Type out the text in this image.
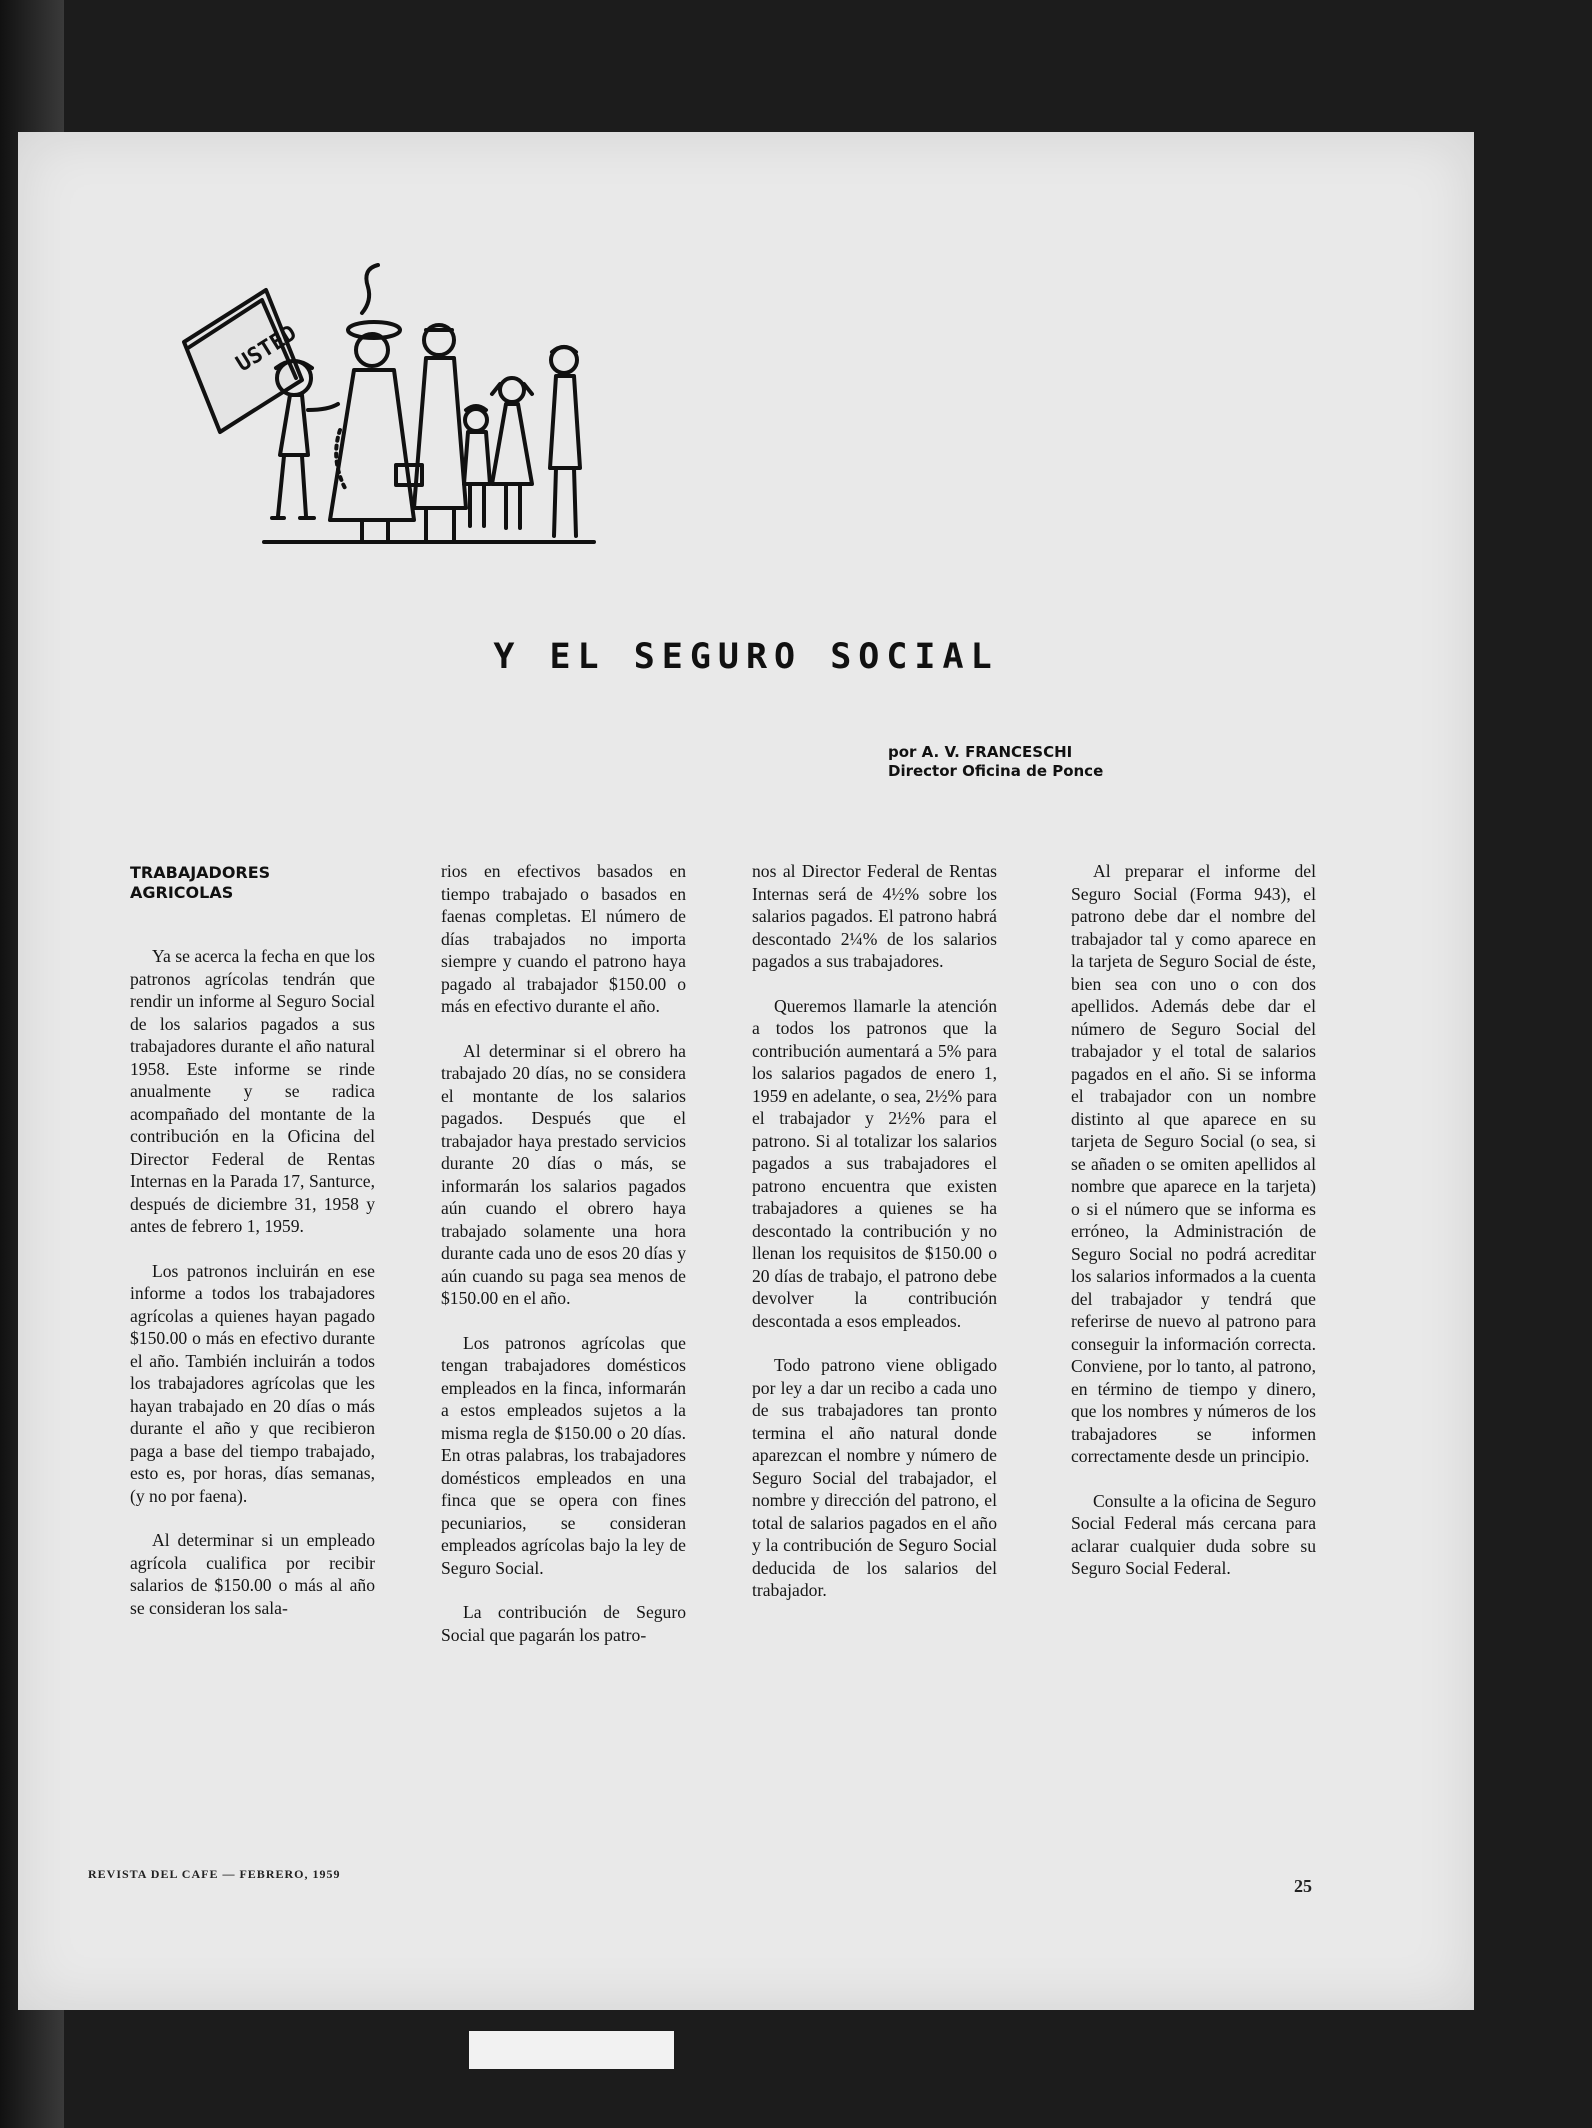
USTED
Y EL SEGURO SOCIAL
por A. V. FRANCESCHI
Director Oficina de Ponce
TRABAJADORES AGRICOLAS

Ya se acerca la fecha en que los patronos agrícolas tendrán que rendir un informe al Seguro Social de los salarios pagados a sus trabajadores durante el año natural 1958. Este informe se rinde anualmente y se radica acompañado del montante de la contribución en la Oficina del Director Federal de Rentas Internas en la Parada 17, Santurce, después de diciembre 31, 1958 y antes de febrero 1, 1959.

Los patronos incluirán en ese informe a todos los trabajadores agrícolas a quienes hayan pagado $150.00 o más en efectivo durante el año. También incluirán a todos los trabajadores agrícolas que les hayan trabajado en 20 días o más durante el año y que recibieron paga a base del tiempo trabajado, esto es, por horas, días semanas, (y no por faena).

Al determinar si un empleado agrícola cualifica por recibir salarios de $150.00 o más al año se consideran los sala-

rios en efectivos basados en tiempo trabajado o basados en faenas completas. El número de días trabajados no importa siempre y cuando el patrono haya pagado al trabajador $150.00 o más en efectivo durante el año.

Al determinar si el obrero ha trabajado 20 días, no se considera el montante de los salarios pagados. Después que el trabajador haya prestado servicios durante 20 días o más, se informarán los salarios pagados aún cuando el obrero haya trabajado solamente una hora durante cada uno de esos 20 días y aún cuando su paga sea menos de $150.00 en el año.

Los patronos agrícolas que tengan trabajadores domésticos empleados en la finca, informarán a estos empleados sujetos a la misma regla de $150.00 o 20 días. En otras palabras, los trabajadores domésticos empleados en una finca que se opera con fines pecuniarios, se consideran empleados agrícolas bajo la ley de Seguro Social.

La contribución de Seguro Social que pagarán los patro-

nos al Director Federal de Rentas Internas será de 4½% sobre los salarios pagados. El patrono habrá descontado 2¼% de los salarios pagados a sus trabajadores.

Queremos llamarle la atención a todos los patronos que la contribución aumentará a 5% para los salarios pagados de enero 1, 1959 en adelante, o sea, 2½% para el trabajador y 2½% para el patrono. Si al totalizar los salarios pagados a sus trabajadores el patrono encuentra que existen trabajadores a quienes se ha descontado la contribución y no llenan los requisitos de $150.00 o 20 días de trabajo, el patrono debe devolver la contribución descontada a esos empleados.

Todo patrono viene obligado por ley a dar un recibo a cada uno de sus trabajadores tan pronto termina el año natural donde aparezcan el nombre y número de Seguro Social del trabajador, el nombre y dirección del patrono, el total de salarios pagados en el año y la contribución de Seguro Social deducida de los salarios del trabajador.

Al preparar el informe del Seguro Social (Forma 943), el patrono debe dar el nombre del trabajador tal y como aparece en la tarjeta de Seguro Social de éste, bien sea con uno o con dos apellidos. Además debe dar el número de Seguro Social del trabajador y el total de salarios pagados en el año. Si se informa el trabajador con un nombre distinto al que aparece en su tarjeta de Seguro Social (o sea, si se añaden o se omiten apellidos al nombre que aparece en la tarjeta) o si el número que se informa es erróneo, la Administración de Seguro Social no podrá acreditar los salarios informados a la cuenta del trabajador y tendrá que referirse de nuevo al patrono para conseguir la información correcta. Conviene, por lo tanto, al patrono, en término de tiempo y dinero, que los nombres y números de los trabajadores se informen correctamente desde un principio.

Consulte a la oficina de Seguro Social Federal más cercana para aclarar cualquier duda sobre su Seguro Social Federal.

REVISTA DEL CAFE — FEBRERO, 1959
25
